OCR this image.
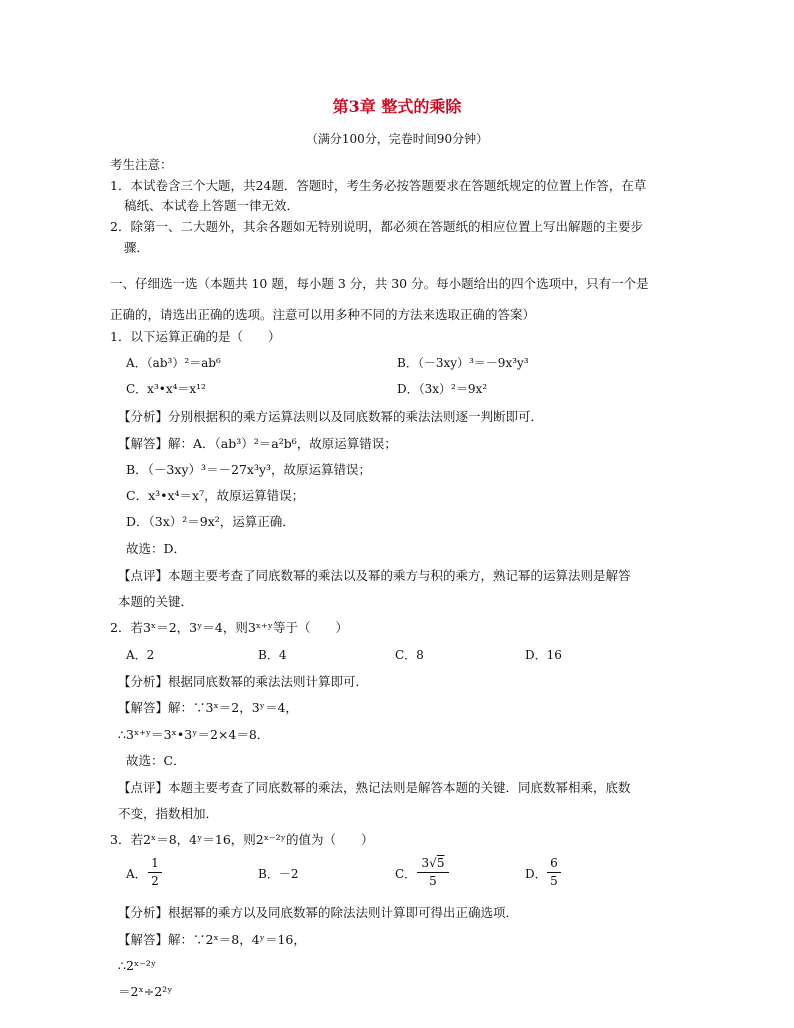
第3章 整式的乘除
（满分100分，完卷时间90分钟）
考生注意：
1．本试卷含三个大题，共24题．答题时，考生务必按答题要求在答题纸规定的位置上作答，在草
稿纸、本试卷上答题一律无效．
2．除第一、二大题外，其余各题如无特别说明，都必须在答题纸的相应位置上写出解题的主要步
骤．
一、仔细选一选（本题共 10 题，每小题 3 分，共 30 分。每小题给出的四个选项中，只有一个是
正确的，请选出正确的选项。注意可以用多种不同的方法来选取正确的答案）
1．以下运算正确的是（　　）
A．（ab³）²＝ab⁶	B．（－3xy）³＝－9x³y³
C．x³•x⁴＝x¹²	D．（3x）²＝9x²
【分析】分别根据积的乘方运算法则以及同底数幂的乘法法则逐一判断即可．
【解答】解：A．（ab³）²＝a²b⁶，故原运算错误；
B．（－3xy）³＝－27x³y³，故原运算错误；
C．x³•x⁴＝x⁷，故原运算错误；
D．（3x）²＝9x²，运算正确．
故选：D．
【点评】本题主要考查了同底数幂的乘法以及幂的乘方与积的乘方，熟记幂的运算法则是解答
本题的关键．
2．若3ˣ＝2，3ʸ＝4，则3ˣ⁺ʸ等于（　　）
A．2	B．4	C．8	D．16
【分析】根据同底数幂的乘法法则计算即可．
【解答】解：∵3ˣ＝2，3ʸ＝4，
∴3ˣ⁺ʸ＝3ˣ•3ʸ＝2×4＝8．
故选：C．
【点评】本题主要考查了同底数幂的乘法，熟记法则是解答本题的关键．同底数幂相乘，底数
不变，指数相加．
3．若2ˣ＝8，4ʸ＝16，则2ˣ⁻²ʸ的值为（　　）
A．
1
2	B．－2	C．
3√5
5	D．
6
5
【分析】根据幂的乘方以及同底数幂的除法法则计算即可得出正确选项．
【解答】解：∵2ˣ＝8，4ʸ＝16，
∴2ˣ⁻²ʸ
＝2ˣ÷2²ʸ
